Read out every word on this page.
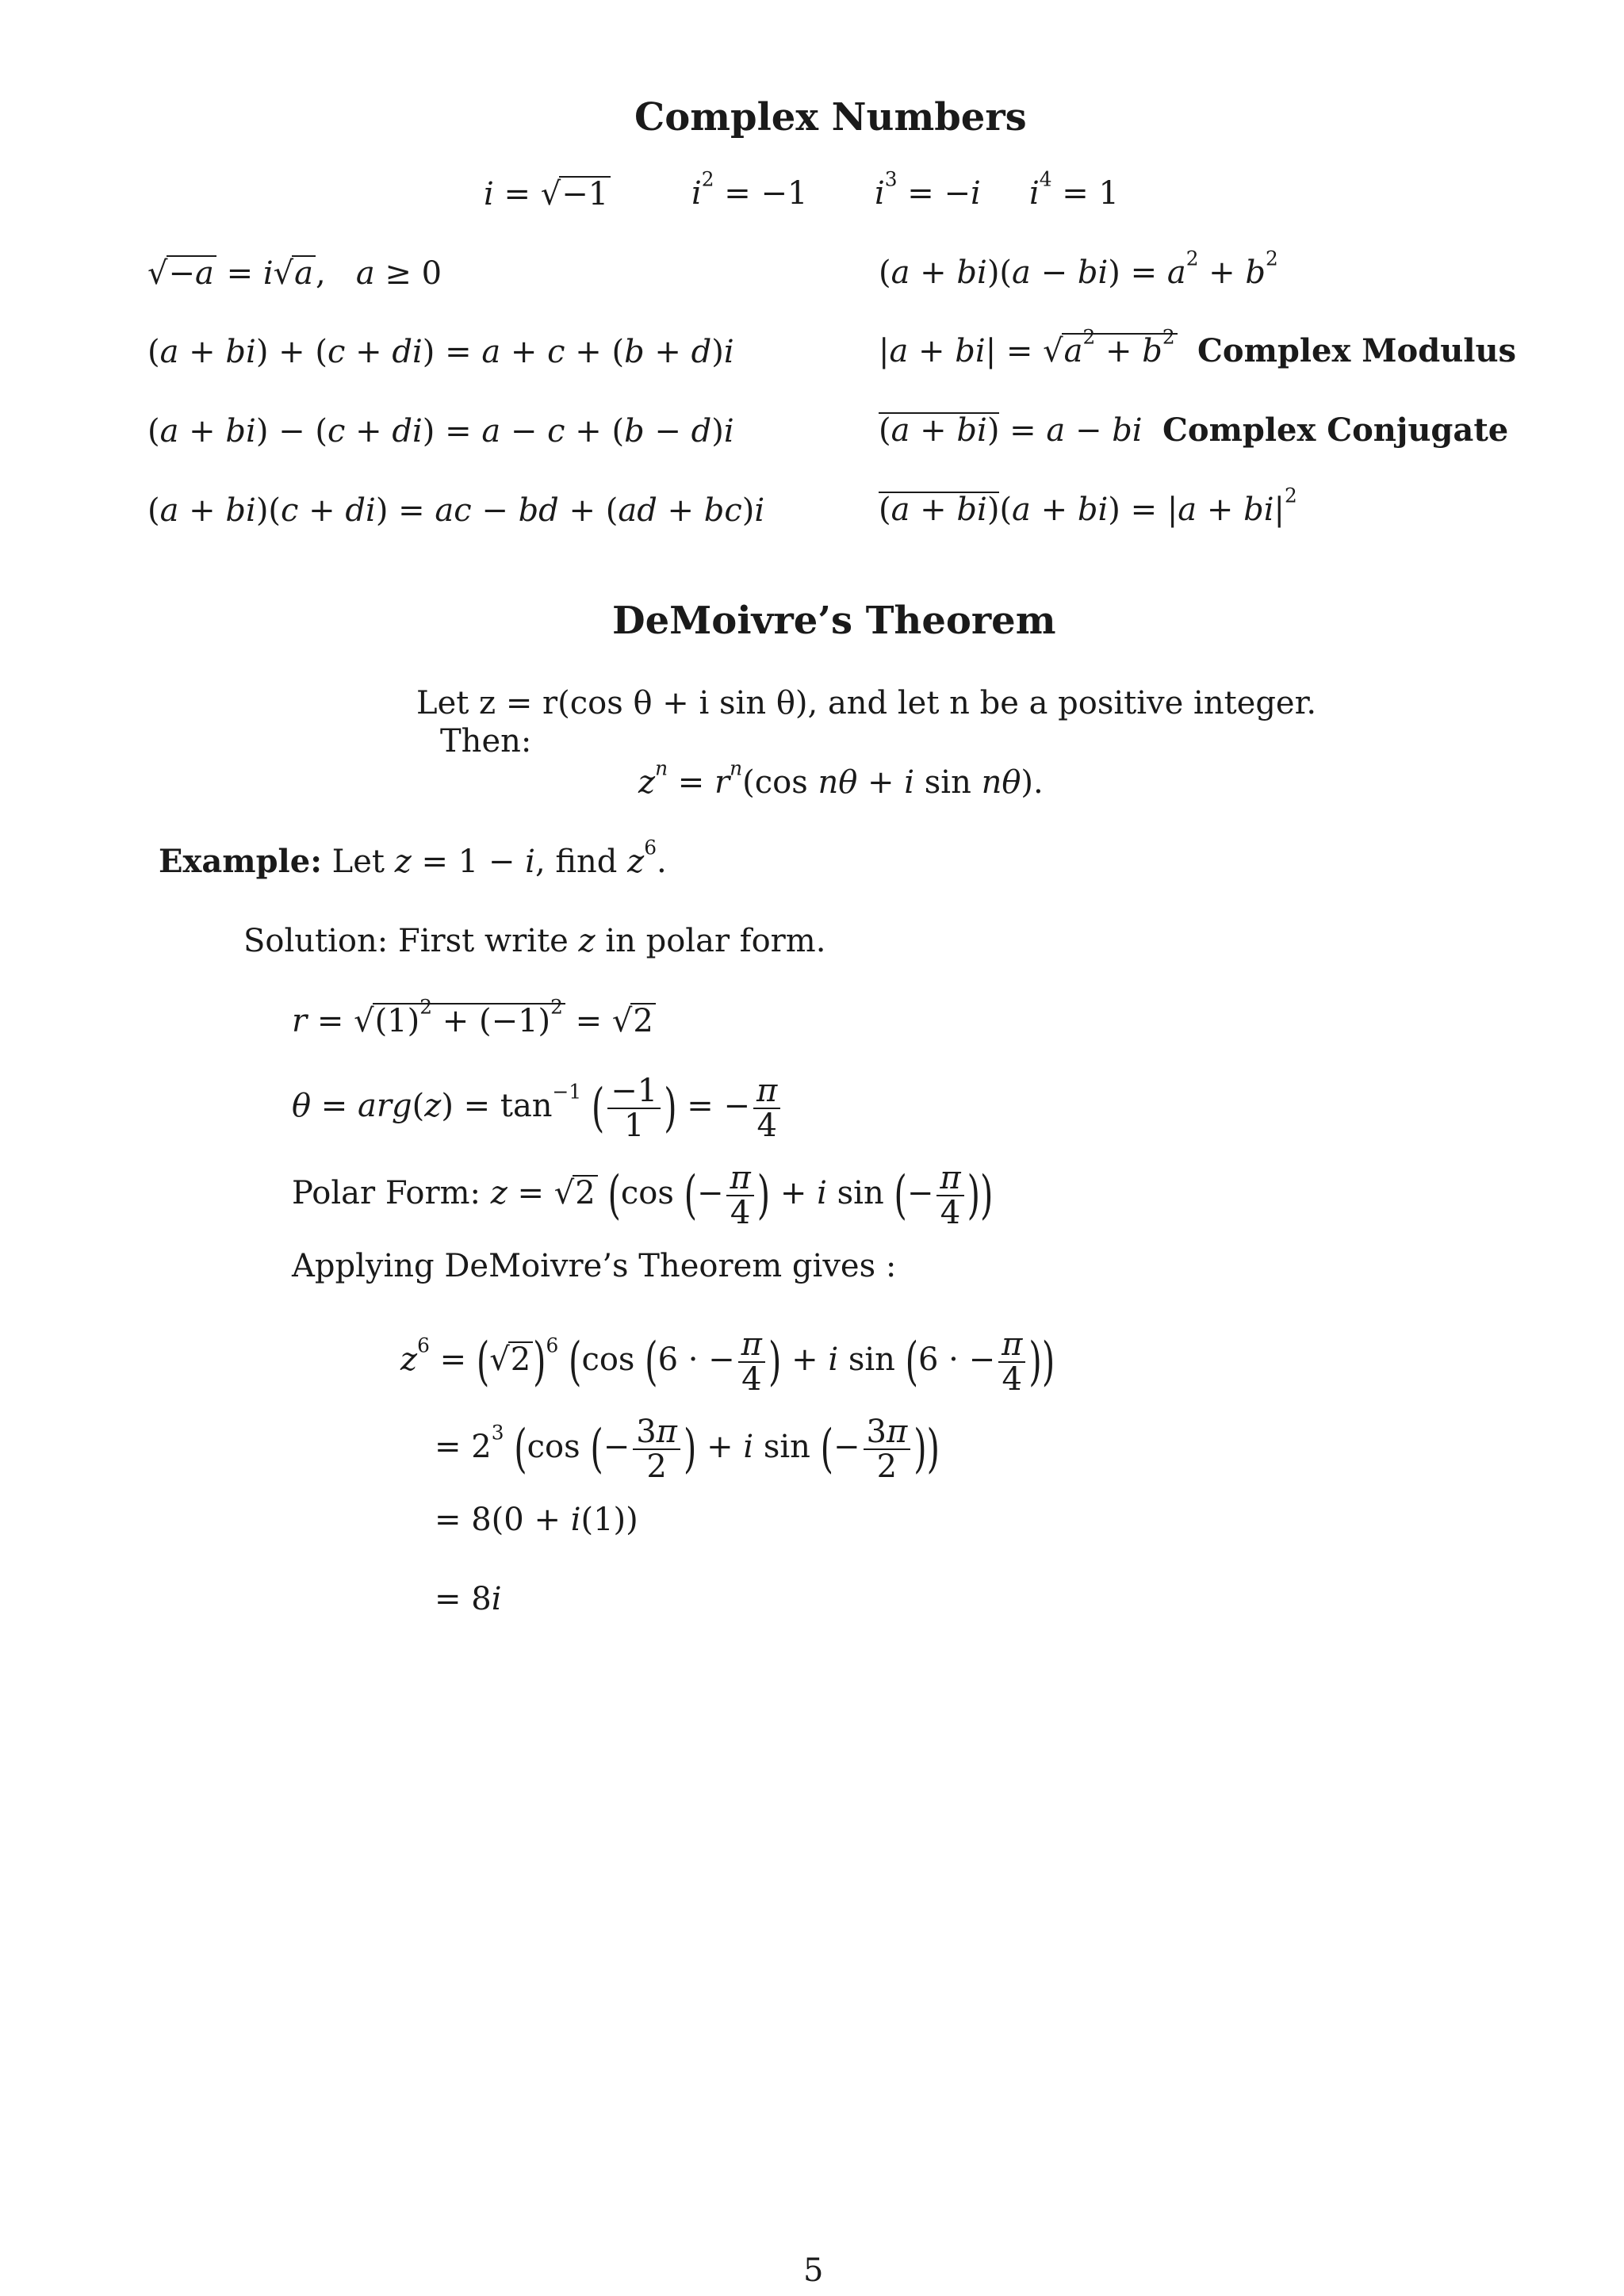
Complex Numbers
i = √−1	$i^2 = -1$ $i^3 = -i$ $i^4 = 1$
√−a = i√a,   a ≥ 0
(a + bi) + (c + di) = a + c + (b + d)i
(a + bi) − (c + di) = a − c + (b − d)i
(a + bi)(c + di) = ac − bd + (ad + bc)i
$(a + bi)(a - bi) = a^2 + b^2$
$|a + bi| = √a^2 + b^2$ Complex Modulus
(a + bi) = a − bi Complex Conjugate
$(a + bi)(a + bi) = |a + bi|^2$
DeMoivre’s Theorem
Let z = r(cos θ + i sin θ), and let n be a positive integer.
Then:
$z^n = r^n(\cos$ nθ + i sin nθ).
Example: Let z = 1 − i, find $z^6$.
Solution: First write z in polar form.
$r = √(1)^2 + (-1)^2 = √2$
$\theta = arg(z) = \tan^{-1}$ ( $\frac{-1}{1}$ ) = − $\frac{\pi}{4}$
Polar Form: z = √2 (cos (− $\frac{\pi}{4}$ ) + i sin (− $\frac{\pi}{4}$ ))
Applying DeMoivre’s Theorem gives :
$z^6 = (√2)^6$ (cos (6 · − $\frac{\pi}{4}$ ) + i sin (6 · − $\frac{\pi}{4}$ ))
= $2^3$ (cos (− $\frac{3\pi}{2}$ ) + i sin (− $\frac{3\pi}{2}$ ))
= 8(0 + i(1))
= 8i
5
